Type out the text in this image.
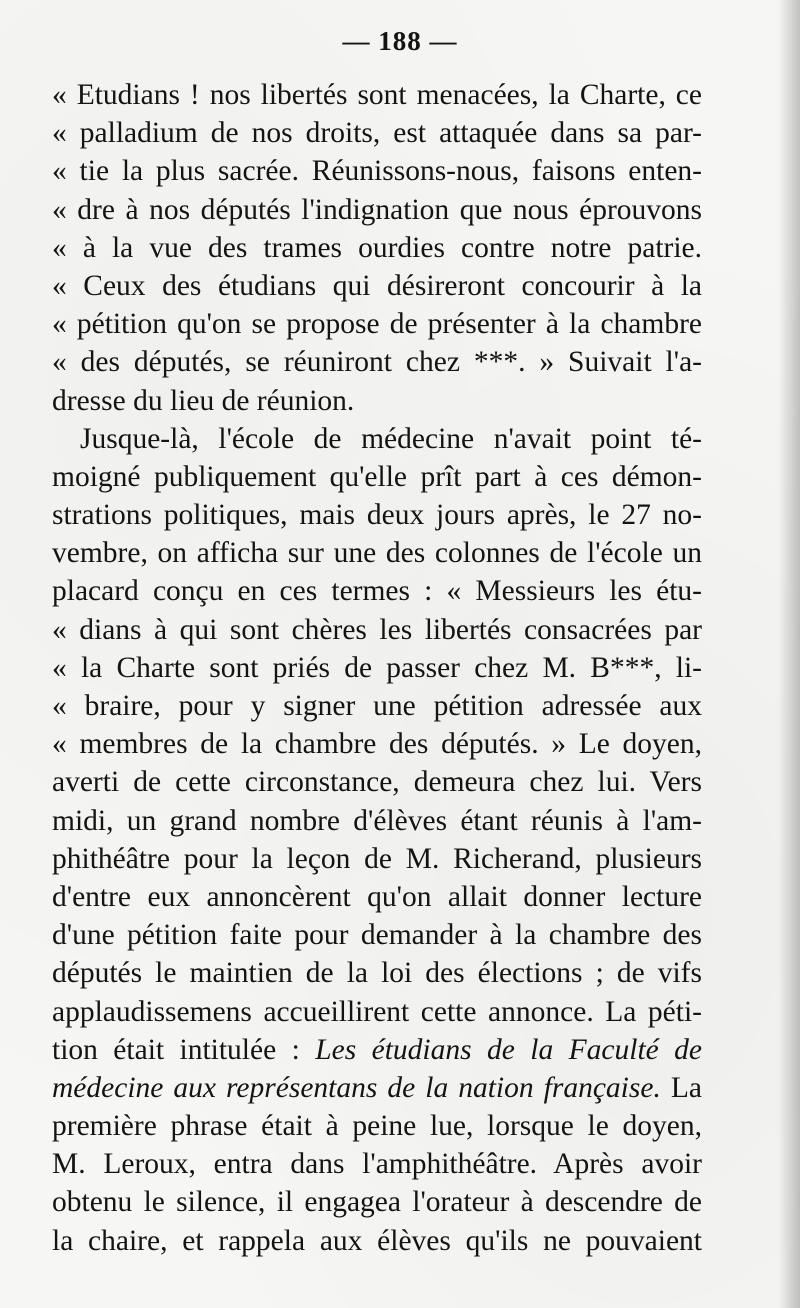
— 188 —
« Etudians ! nos libertés sont menacées, la Charte, ce
« palladium de nos droits, est attaquée dans sa par-
« tie la plus sacrée. Réunissons-nous, faisons enten-
« dre à nos députés l'indignation que nous éprouvons
« à la vue des trames ourdies contre notre patrie.
« Ceux des étudians qui désireront concourir à la
« pétition qu'on se propose de présenter à la chambre
« des députés, se réuniront chez ***. » Suivait l'a-
dresse du lieu de réunion.
Jusque-là, l'école de médecine n'avait point té-
moigné publiquement qu'elle prît part à ces démon-
strations politiques, mais deux jours après, le 27 no-
vembre, on afficha sur une des colonnes de l'école un
placard conçu en ces termes : « Messieurs les étu-
« dians à qui sont chères les libertés consacrées par
« la Charte sont priés de passer chez M. B***, li-
« braire, pour y signer une pétition adressée aux
« membres de la chambre des députés. » Le doyen,
averti de cette circonstance, demeura chez lui. Vers
midi, un grand nombre d'élèves étant réunis à l'am-
phithéâtre pour la leçon de M. Richerand, plusieurs
d'entre eux annoncèrent qu'on allait donner lecture
d'une pétition faite pour demander à la chambre des
députés le maintien de la loi des élections ; de vifs
applaudissemens accueillirent cette annonce. La péti-
tion était intitulée : Les étudians de la Faculté de
médecine aux représentans de la nation française. La
première phrase était à peine lue, lorsque le doyen,
M. Leroux, entra dans l'amphithéâtre. Après avoir
obtenu le silence, il engagea l'orateur à descendre de
la chaire, et rappela aux élèves qu'ils ne pouvaient
